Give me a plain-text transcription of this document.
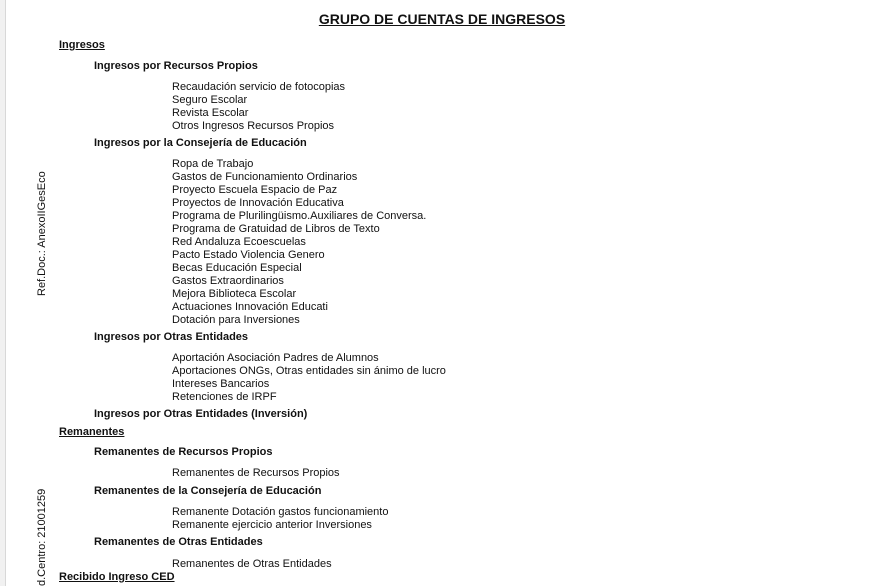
Ref.Doc.: AnexoIIGesEco
d.Centro: 21001259
GRUPO DE CUENTAS DE INGRESOS
Ingresos
Ingresos por Recursos Propios
Recaudación servicio de fotocopias
Seguro Escolar
Revista Escolar
Otros Ingresos Recursos Propios
Ingresos por la Consejería de Educación
Ropa de Trabajo
Gastos de Funcionamiento Ordinarios
Proyecto Escuela Espacio de Paz
Proyectos de Innovación Educativa
Programa de Plurilingüismo.Auxiliares de Conversa.
Programa de Gratuidad de Libros de Texto
Red Andaluza Ecoescuelas
Pacto Estado Violencia Genero
Becas Educación Especial
Gastos Extraordinarios
Mejora Biblioteca Escolar
Actuaciones Innovación Educati
Dotación para Inversiones
Ingresos por Otras Entidades
Aportación Asociación Padres de Alumnos
Aportaciones ONGs, Otras entidades sin ánimo de lucro
Intereses Bancarios
Retenciones de IRPF
Ingresos por Otras Entidades (Inversión)
Remanentes
Remanentes de Recursos Propios
Remanentes de Recursos Propios
Remanentes de la Consejería de Educación
Remanente Dotación gastos funcionamiento
Remanente ejercicio anterior Inversiones
Remanentes de Otras Entidades
Remanentes de Otras Entidades
Recibido Ingreso CED
